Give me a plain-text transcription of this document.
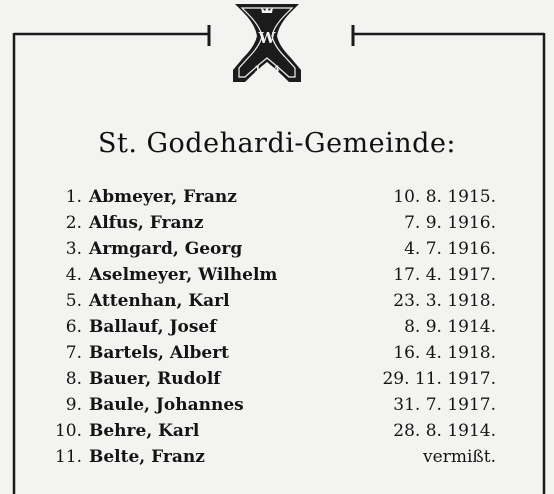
W
1914
St. Godehardi-Gemeinde:
1. Abmeyer, Franz	10. 8. 1915.
2. Alfus, Franz	7. 9. 1916.
3. Armgard, Georg	4. 7. 1916.
4. Aselmeyer, Wilhelm	17. 4. 1917.
5. Attenhan, Karl	23. 3. 1918.
6. Ballauf, Josef	8. 9. 1914.
7. Bartels, Albert	16. 4. 1918.
8. Bauer, Rudolf	29. 11. 1917.
9. Baule, Johannes	31. 7. 1917.
10. Behre, Karl	28. 8. 1914.
11. Belte, Franz	vermißt.
